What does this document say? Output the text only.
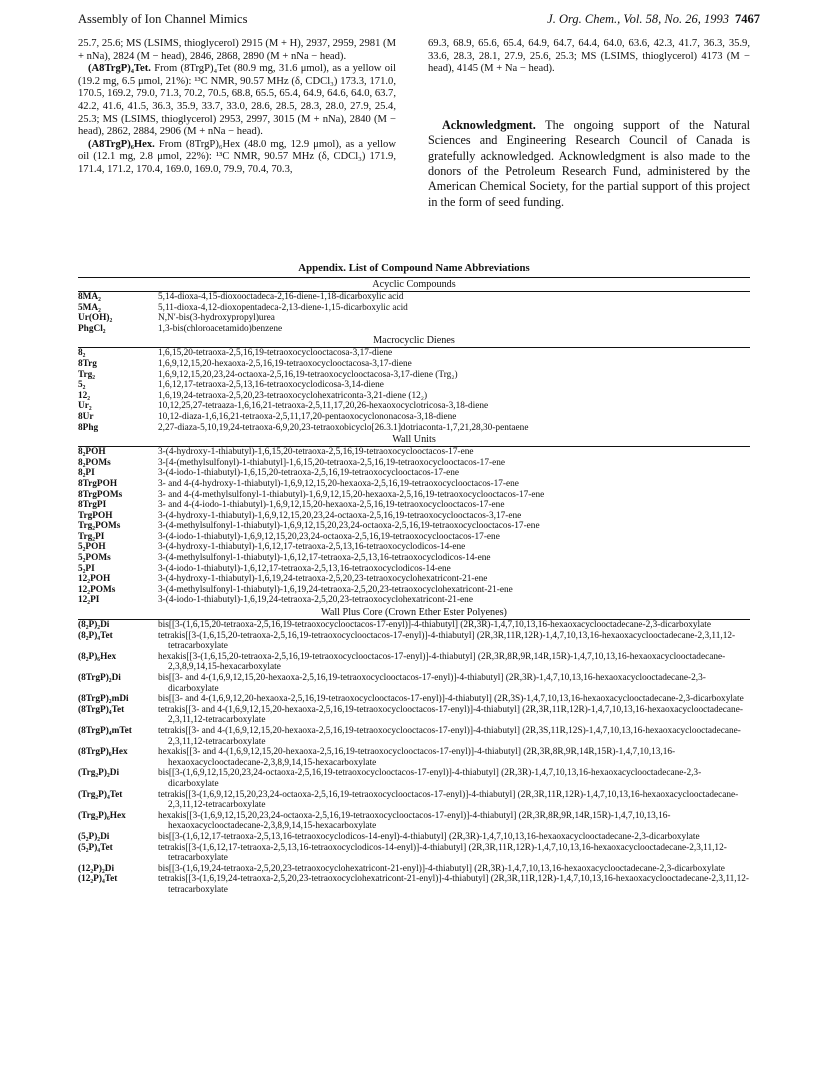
Assembly of Ion Channel Mimics	J. Org. Chem., Vol. 58, No. 26, 1993 7467

25.7, 25.6; MS (LSIMS, thioglycerol) 2915 (M + H), 2937, 2959, 2981 (M + nNa), 2824 (M − head), 2846, 2868, 2890 (M + nNa − head).

(A8TrgP)₄Tet. From (8TrgP)₄Tet (80.9 mg, 31.6 μmol), as a yellow oil (19.2 mg, 6.5 μmol, 21%): ¹³C NMR, 90.57 MHz (δ, CDCl₃) 173.3, 171.0, 170.5, 169.2, 79.0, 71.3, 70.2, 70.5, 68.8, 65.5, 65.4, 64.9, 64.6, 64.0, 63.7, 42.2, 41.6, 41.5, 36.3, 35.9, 33.7, 33.0, 28.6, 28.5, 28.3, 28.0, 27.9, 25.4, 25.3; MS (LSIMS, thioglycerol) 2953, 2997, 3015 (M + nNa), 2840 (M − head), 2862, 2884, 2906 (M + nNa − head).

(A8TrgP)₆Hex. From (8TrgP)₆Hex (48.0 mg, 12.9 μmol), as a yellow oil (12.1 mg, 2.8 μmol, 22%): ¹³C NMR, 90.57 MHz (δ, CDCl₃) 171.9, 171.4, 171.2, 170.4, 169.0, 169.0, 79.9, 70.4, 70.3,

69.3, 68.9, 65.6, 65.4, 64.9, 64.7, 64.4, 64.0, 63.6, 42.3, 41.7, 36.3, 35.9, 33.6, 28.3, 28.1, 27.9, 25.6, 25.3; MS (LSIMS, thioglycerol) 4173 (M − head), 4145 (M + Na − head).

Acknowledgment. The ongoing support of the Natural Sciences and Engineering Research Council of Canada is gratefully acknowledged. Acknowledgment is also made to the donors of the Petroleum Research Fund, administered by the American Chemical Society, for the partial support of this project in the form of seed funding.

Appendix. List of Compound Name Abbreviations
Acyclic Compounds
8MA₂	5,14-dioxa-4,15-dioxooctadeca-2,16-diene-1,18-dicarboxylic acid
5MA₂	5,11-dioxa-4,12-dioxopentadeca-2,13-diene-1,15-dicarboxylic acid
Ur(OH)₂	N,N′-bis(3-hydroxypropyl)urea
PhgCl₂	1,3-bis(chloroacetamido)benzene
Macrocyclic Dienes
8₂	1,6,15,20-tetraoxa-2,5,16,19-tetraoxocyclooctacosa-3,17-diene
8Trg	1,6,9,12,15,20-hexaoxa-2,5,16,19-tetraoxocyclooctacosa-3,17-diene
Trg₂	1,6,9,12,15,20,23,24-octaoxa-2,5,16,19-tetraoxocyclooctacosa-3,17-diene (Trg₂)
5₂	1,6,12,17-tetraoxa-2,5,13,16-tetraoxocyclodicosa-3,14-diene
12₂	1,6,19,24-tetraoxa-2,5,20,23-tetraoxocyclohexatriconta-3,21-diene (12₂)
Ur₂	10,12,25,27-tetraaza-1,6,16,21-tetraoxa-2,5,11,17,20,26-hexaoxocyclotricosa-3,18-diene
8Ur	10,12-diaza-1,6,16,21-tetraoxa-2,5,11,17,20-pentaoxocyclononacosa-3,18-diene
8Phg	2,27-diaza-5,10,19,24-tetraoxa-6,9,20,23-tetraoxobicyclo[26.3.1]dotriaconta-1,7,21,28,30-pentaene
Wall Units
8₂POH	3-(4-hydroxy-1-thiabutyl)-1,6,15,20-tetraoxa-2,5,16,19-tetraoxocyclooctacos-17-ene
8₂POMs	3-[4-(methylsulfonyl)-1-thiabutyl]-1,6,15,20-tetraoxa-2,5,16,19-tetraoxocyclooctacos-17-ene
8₂PI	3-(4-iodo-1-thiabutyl)-1,6,15,20-tetraoxa-2,5,16,19-tetraoxocyclooctacos-17-ene
8TrgPOH	3- and 4-(4-hydroxy-1-thiabutyl)-1,6,9,12,15,20-hexaoxa-2,5,16,19-tetraoxocyclooctacos-17-ene
8TrgPOMs	3- and 4-(4-methylsulfonyl-1-thiabutyl)-1,6,9,12,15,20-hexaoxa-2,5,16,19-tetraoxocyclooctacos-17-ene
8TrgPI	3- and 4-(4-iodo-1-thiabutyl)-1,6,9,12,15,20-hexaoxa-2,5,16,19-tetraoxocyclooctacos-17-ene
TrgPOH	3-(4-hydroxy-1-thiabutyl)-1,6,9,12,15,20,23,24-octaoxa-2,5,16,19-tetraoxocyclooctacos-3,17-ene
Trg₂POMs	3-(4-methylsulfonyl-1-thiabutyl)-1,6,9,12,15,20,23,24-octaoxa-2,5,16,19-tetraoxocyclooctacos-17-ene
Trg₂PI	3-(4-iodo-1-thiabutyl)-1,6,9,12,15,20,23,24-octaoxa-2,5,16,19-tetraoxocyclooctacos-17-ene
5₂POH	3-(4-hydroxy-1-thiabutyl)-1,6,12,17-tetraoxa-2,5,13,16-tetraoxocyclodicos-14-ene
5₂POMs	3-(4-methylsulfonyl-1-thiabutyl)-1,6,12,17-tetraoxa-2,5,13,16-tetraoxocyclodicos-14-ene
5₂PI	3-(4-iodo-1-thiabutyl)-1,6,12,17-tetraoxa-2,5,13,16-tetraoxocyclodicos-14-ene
12₂POH	3-(4-hydroxy-1-thiabutyl)-1,6,19,24-tetraoxa-2,5,20,23-tetraoxocyclohexatricont-21-ene
12₂POMs	3-(4-methylsulfonyl-1-thiabutyl)-1,6,19,24-tetraoxa-2,5,20,23-tetraoxocyclohexatricont-21-ene
12₂PI	3-(4-iodo-1-thiabutyl)-1,6,19,24-tetraoxa-2,5,20,23-tetraoxocyclohexatricont-21-ene
Wall Plus Core (Crown Ether Ester Polyenes)
(8₂P)₂Di	bis[[3-(1,6,15,20-tetraoxa-2,5,16,19-tetraoxocyclooctacos-17-enyl)]-4-thiabutyl] (2R,3R)-1,4,7,10,13,16-hexaoxacyclooctadecane-2,3-dicarboxylate
(8₂P)₄Tet	tetrakis[[3-(1,6,15,20-tetraoxa-2,5,16,19-tetraoxocyclooctacos-17-enyl)]-4-thiabutyl] (2R,3R,11R,12R)-1,4,7,10,13,16-hexaoxacyclooctadecane-2,3,11,12-tetracarboxylate
(8₂P)₆Hex	hexakis[[3-(1,6,15,20-tetraoxa-2,5,16,19-tetraoxocyclooctacos-17-enyl)]-4-thiabutyl] (2R,3R,8R,9R,14R,15R)-1,4,7,10,13,16-hexaoxacyclooctadecane-2,3,8,9,14,15-hexacarboxylate
(8TrgP)₂Di	bis[[3- and 4-(1,6,9,12,15,20-hexaoxa-2,5,16,19-tetraoxocyclooctacos-17-enyl)]-4-thiabutyl] (2R,3R)-1,4,7,10,13,16-hexaoxacyclooctadecane-2,3-dicarboxylate
(8TrgP)₂mDi	bis[[3- and 4-(1,6,9,12,20-hexaoxa-2,5,16,19-tetraoxocyclooctacos-17-enyl)]-4-thiabutyl] (2R,3S)-1,4,7,10,13,16-hexaoxacyclooctadecane-2,3-dicarboxylate
(8TrgP)₄Tet	tetrakis[[3- and 4-(1,6,9,12,15,20-hexaoxa-2,5,16,19-tetraoxocyclooctacos-17-enyl)]-4-thiabutyl] (2R,3R,11R,12R)-1,4,7,10,13,16-hexaoxacyclooctadecane-2,3,11,12-tetracarboxylate
(8TrgP)₄mTet	tetrakis[[3- and 4-(1,6,9,12,15,20-hexaoxa-2,5,16,19-tetraoxocyclooctacos-17-enyl)]-4-thiabutyl] (2R,3S,11R,12S)-1,4,7,10,13,16-hexaoxacyclooctadecane-2,3,11,12-tetracarboxylate
(8TrgP)₆Hex	hexakis[[3- and 4-(1,6,9,12,15,20-hexaoxa-2,5,16,19-tetraoxocyclooctacos-17-enyl)]-4-thiabutyl] (2R,3R,8R,9R,14R,15R)-1,4,7,10,13,16-hexaoxacyclooctadecane-2,3,8,9,14,15-hexacarboxylate
(Trg₂P)₂Di	bis[[3-(1,6,9,12,15,20,23,24-octaoxa-2,5,16,19-tetraoxocyclooctacos-17-enyl)]-4-thiabutyl] (2R,3R)-1,4,7,10,13,16-hexaoxacyclooctadecane-2,3-dicarboxylate
(Trg₂P)₄Tet	tetrakis[[3-(1,6,9,12,15,20,23,24-octaoxa-2,5,16,19-tetraoxocyclooctacos-17-enyl)]-4-thiabutyl] (2R,3R,11R,12R)-1,4,7,10,13,16-hexaoxacyclooctadecane-2,3,11,12-tetracarboxylate
(Trg₂P)₆Hex	hexakis[[3-(1,6,9,12,15,20,23,24-octaoxa-2,5,16,19-tetraoxocyclooctacos-17-enyl)]-4-thiabutyl] (2R,3R,8R,9R,14R,15R)-1,4,7,10,13,16-hexaoxacyclooctadecane-2,3,8,9,14,15-hexacarboxylate
(5₂P)₂Di	bis[[3-(1,6,12,17-tetraoxa-2,5,13,16-tetraoxocyclodicos-14-enyl)-4-thiabutyl] (2R,3R)-1,4,7,10,13,16-hexaoxacyclooctadecane-2,3-dicarboxylate
(5₂P)₄Tet	tetrakis[[3-(1,6,12,17-tetraoxa-2,5,13,16-tetraoxocyclodicos-14-enyl)]-4-thiabutyl] (2R,3R,11R,12R)-1,4,7,10,13,16-hexaoxacyclooctadecane-2,3,11,12-tetracarboxylate
(12₂P)₂Di	bis[[3-(1,6,19,24-tetraoxa-2,5,20,23-tetraoxocyclohexatricont-21-enyl)]-4-thiabutyl] (2R,3R)-1,4,7,10,13,16-hexaoxacyclooctadecane-2,3-dicarboxylate
(12₂P)₄Tet	tetrakis[[3-(1,6,19,24-tetraoxa-2,5,20,23-tetraoxocyclohexatricont-21-enyl)]-4-thiabutyl] (2R,3R,11R,12R)-1,4,7,10,13,16-hexaoxacyclooctadecane-2,3,11,12-tetracarboxylate
